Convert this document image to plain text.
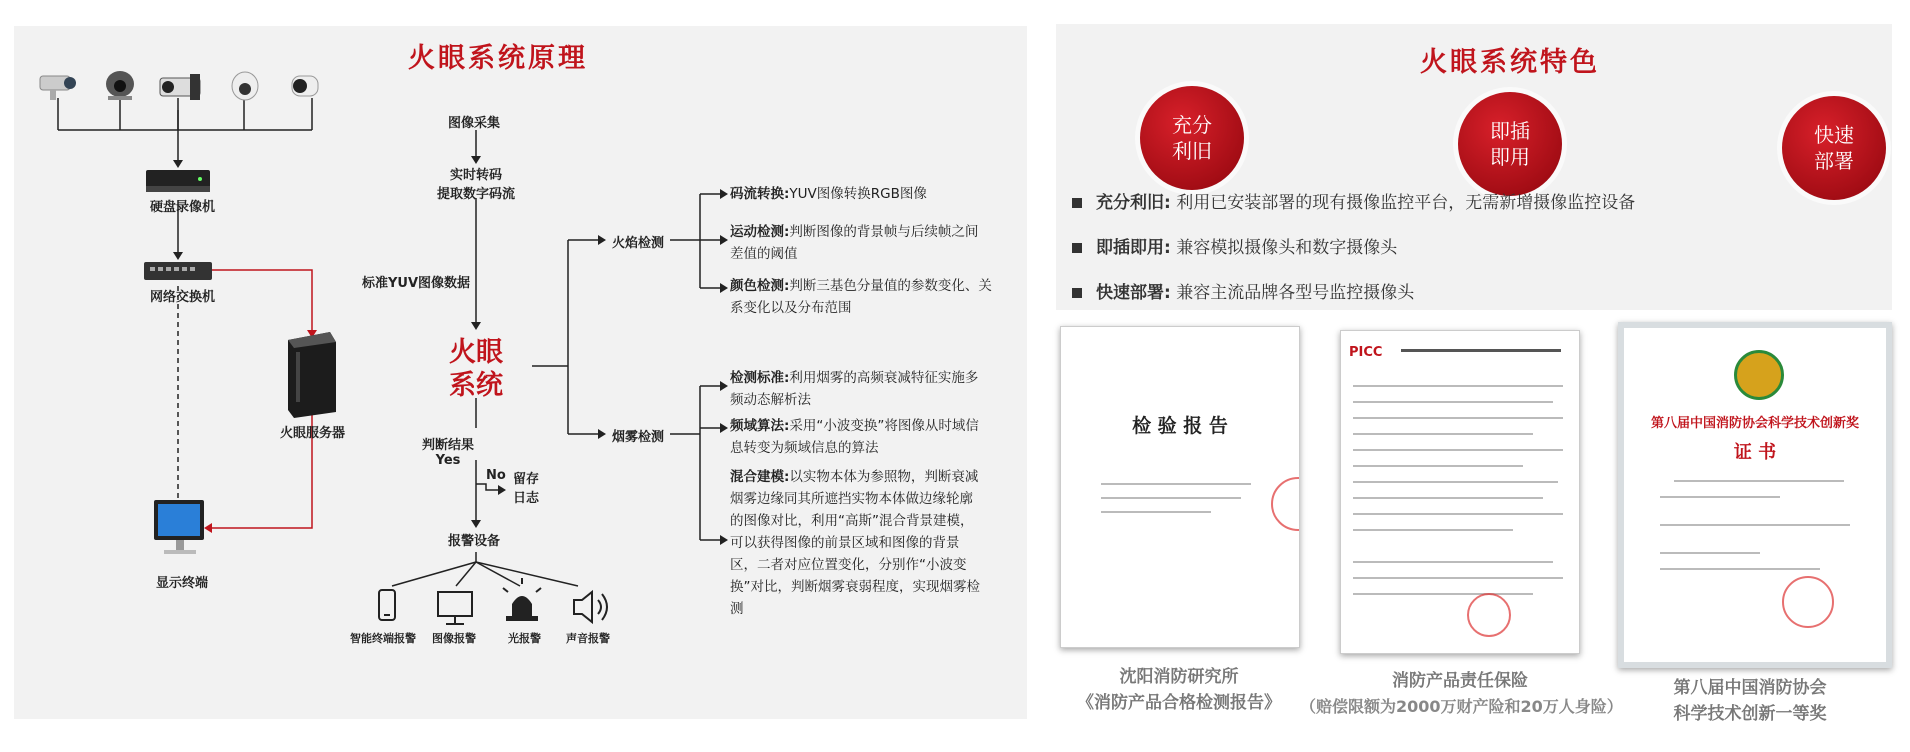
火眼系统原理
硬盘录像机
网络交换机
火眼服务器
显示终端
图像采集
实时转码
提取数字码流
标准YUV图像数据
火眼
系统
判断结果
Yes
No 留存
日志
报警设备
智能终端报警 图像报警	光报警 声音报警
火焰检测
烟雾检测
码流转换:YUV图像转换RGB图像
运动检测:判断图像的背景帧与后续帧之间差值的阈值
颜色检测:判断三基色分量值的参数变化、关系变化以及分布范围
检测标准:利用烟雾的高频衰减特征实施多频动态解析法
频域算法:采用“小波变换”将图像从时域信息转变为频域信息的算法
混合建模:以实物本体为参照物，判断衰减烟雾边缘同其所遮挡实物本体做边缘轮廓的图像对比，利用“高斯”混合背景建模，可以获得图像的前景区域和图像的背景区，二者对应位置变化，分别作“小波变换”对比，判断烟雾衰弱程度，实现烟雾检测
火眼系统特色
充分
利旧
即插
即用
快速
部署
充分利旧: 利用已安装部署的现有摄像监控平台，无需新增摄像监控设备
即插即用: 兼容模拟摄像头和数字摄像头
快速部署: 兼容主流品牌各型号监控摄像头
检 验 报 告
PICC
第八届中国消防协会科学技术创新奖
证 书
沈阳消防研究所
《消防产品合格检测报告》
消防产品责任保险
（赔偿限额为2000万财产险和20万人身险）
第八届中国消防协会
科学技术创新一等奖
